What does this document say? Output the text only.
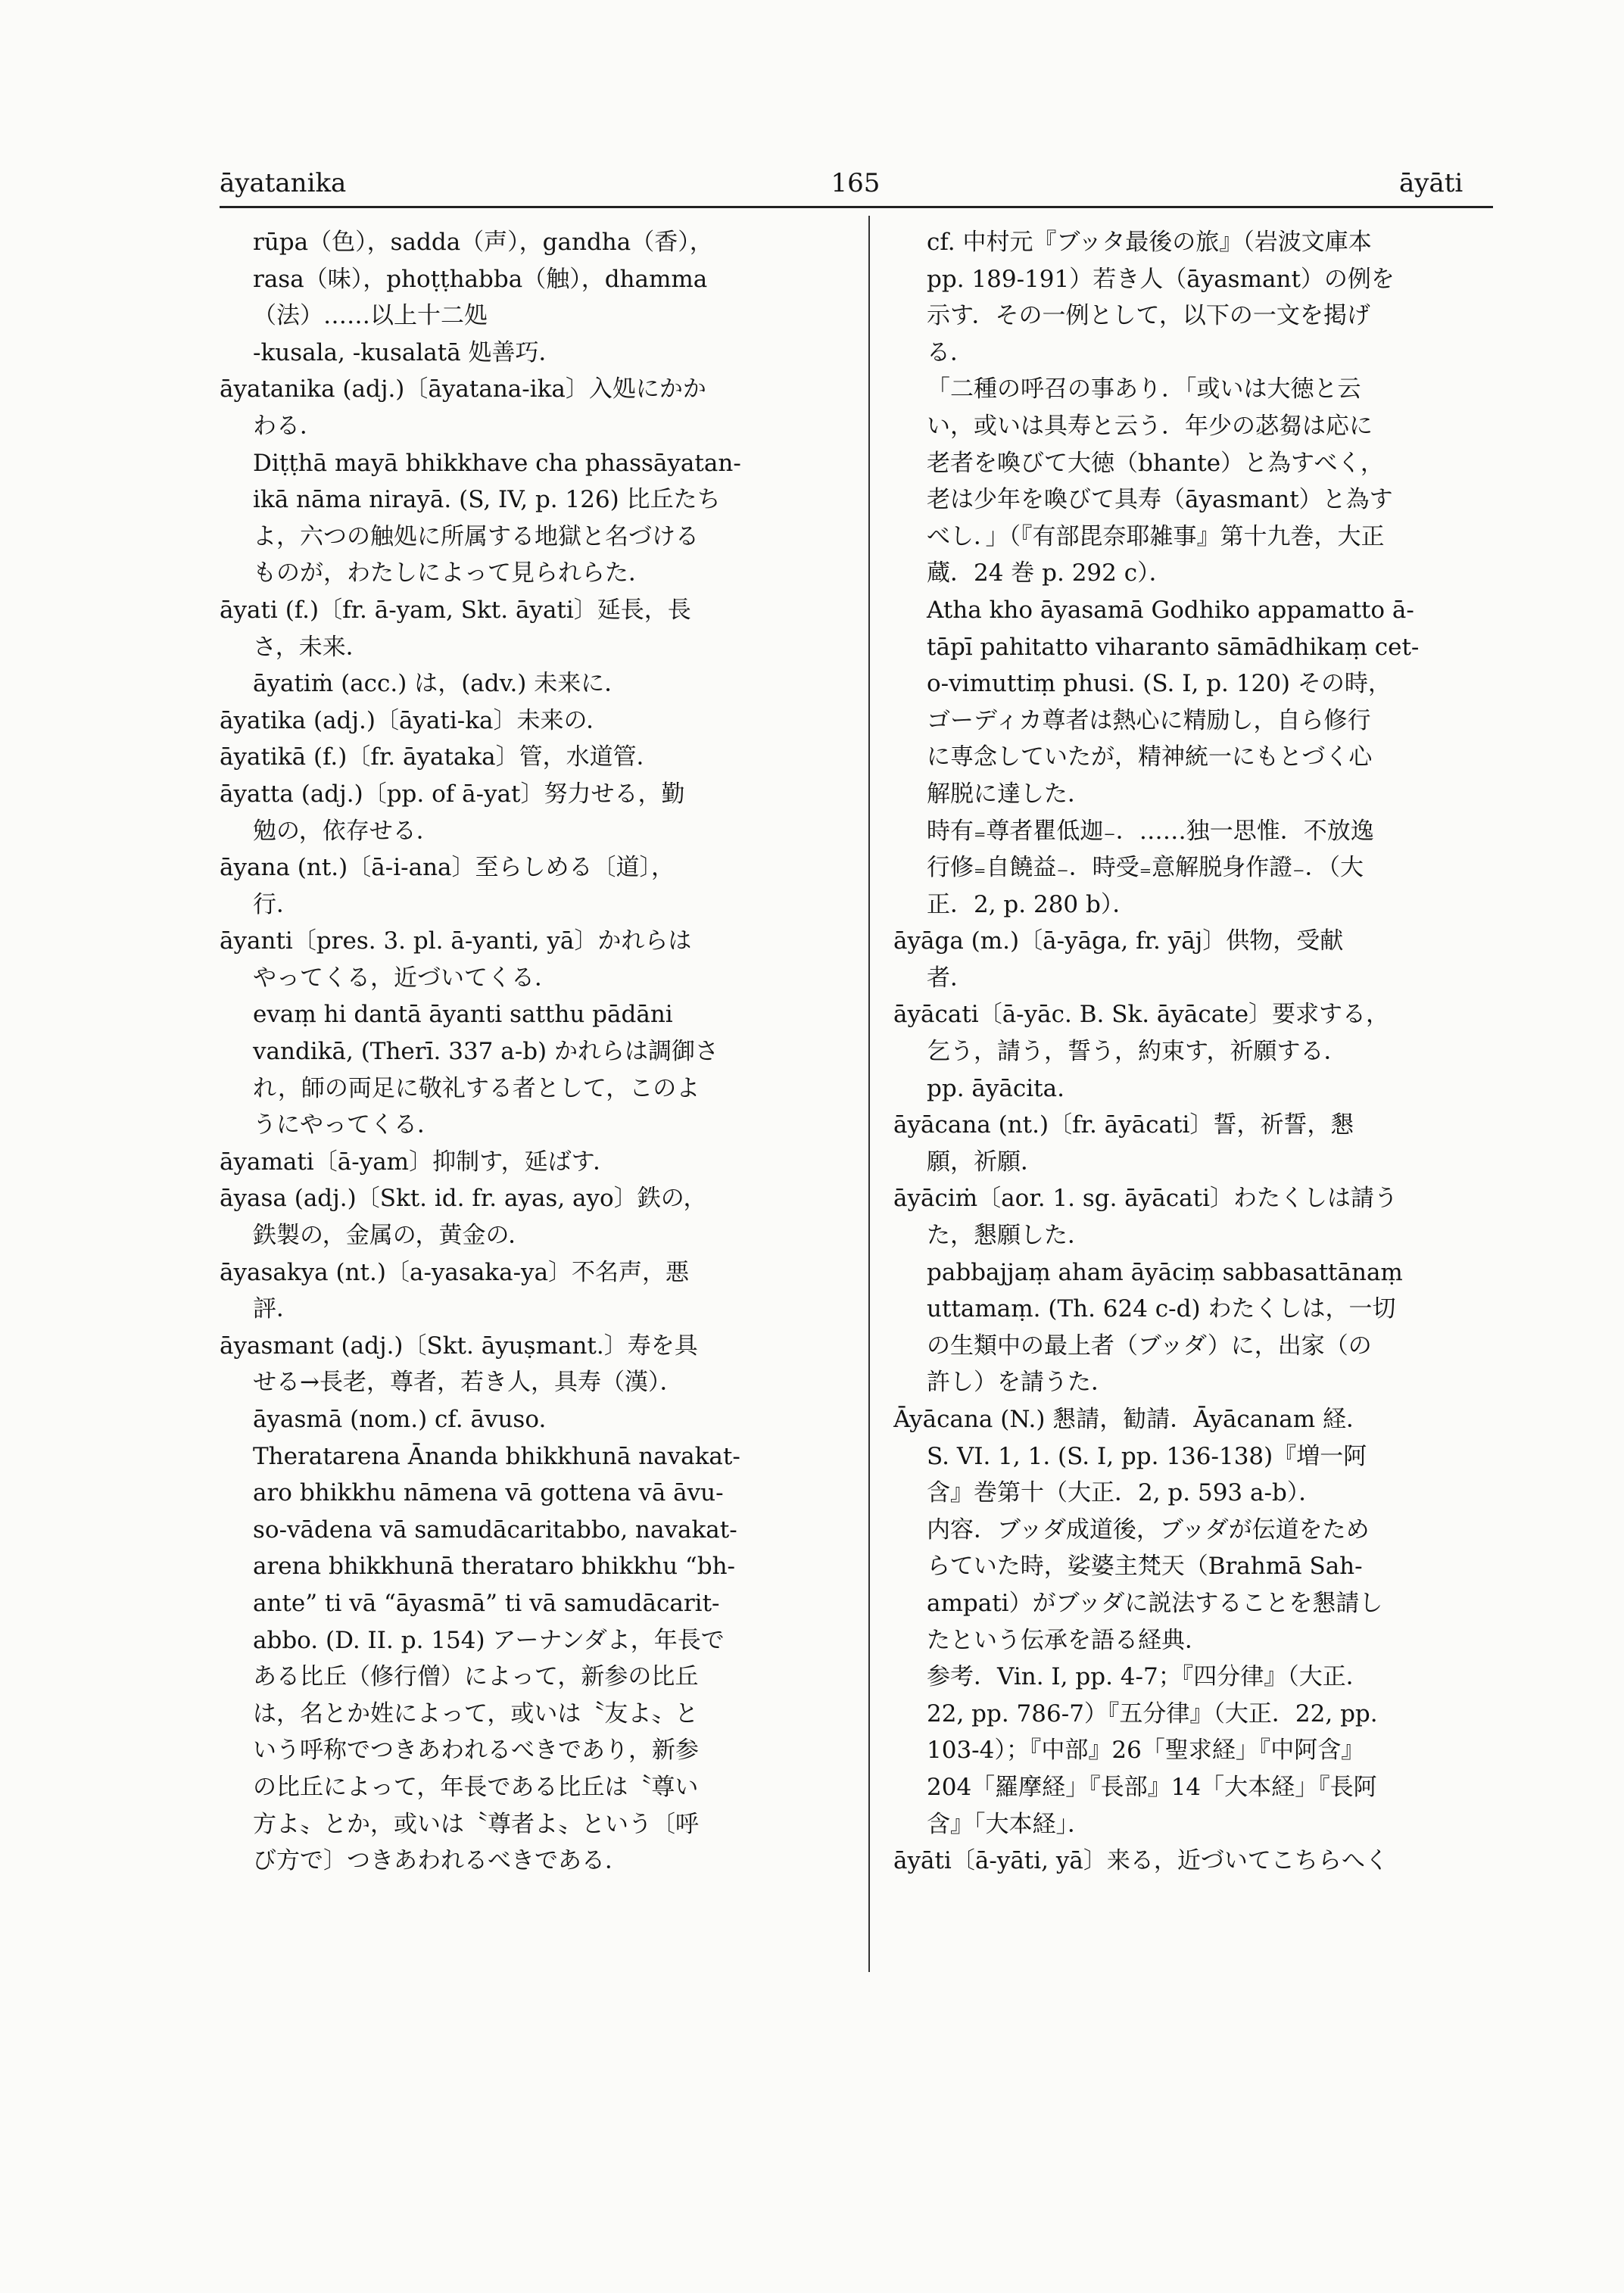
āyatanika	165	āyāti
rūpa（色），sadda（声），gandha（香），
rasa（味），phoṭṭhabba（触），dhamma
（法）……以上十二処
-kusala, -kusalatā 処善巧．
āyatanika (adj.)〔āyatana-ika〕入処にかか
わる．
Diṭṭhā mayā bhikkhave cha phassāyatan-
ikā nāma nirayā. (S, IV, p. 126) 比丘たち
よ，六つの触処に所属する地獄と名づける
ものが，わたしによって見られらた．
āyati (f.)〔fr. ā-yam, Skt. āyati〕延長，長
さ，未来．
āyatiṁ (acc.) は，(adv.) 未来に．
āyatika (adj.)〔āyati-ka〕未来の．
āyatikā (f.)〔fr. āyataka〕管，水道管．
āyatta (adj.)〔pp. of ā-yat〕努力せる，勤
勉の，依存せる．
āyana (nt.)〔ā-i-ana〕至らしめる〔道〕，
行．
āyanti〔pres. 3. pl. ā-yanti, yā〕かれらは
やってくる，近づいてくる．
evaṃ hi dantā āyanti satthu pādāni
vandikā, (Therī. 337 a-b) かれらは調御さ
れ，師の両足に敬礼する者として，このよ
うにやってくる．
āyamati〔ā-yam〕抑制す，延ばす．
āyasa (adj.)〔Skt. id. fr. ayas, ayo〕鉄の，
鉄製の，金属の，黄金の．
āyasakya (nt.)〔a-yasaka-ya〕不名声，悪
評．
āyasmant (adj.)〔Skt. āyuṣmant.〕寿を具
せる→長老，尊者，若き人，具寿（漢）．
āyasmā (nom.) cf. āvuso.
Theratarena Ānanda bhikkhunā navakat-
aro bhikkhu nāmena vā gottena vā āvu-
so-vādena vā samudācaritabbo, navakat-
arena bhikkhunā therataro bhikkhu “bh-
ante” ti vā “āyasmā” ti vā samudācarit-
abbo. (D. II. p. 154) アーナンダよ，年長で
ある比丘（修行僧）によって，新参の比丘
は，名とか姓によって，或いは〝友よ〟と
いう呼称でつきあわれるべきであり，新参
の比丘によって，年長である比丘は〝尊い
方よ〟とか，或いは〝尊者よ〟という〔呼
び方で〕つきあわれるべきである．
cf. 中村元『ブッタ最後の旅』（岩波文庫本
pp. 189-191）若き人（āyasmant）の例を
示す．その一例として，以下の一文を掲げ
る．
「二種の呼召の事あり．「或いは大徳と云
い，或いは具寿と云う．年少の苾芻は応に
老者を喚びて大徳（bhante）と為すべく，
老は少年を喚びて具寿（āyasmant）と為す
べし．」（『有部毘奈耶雑事』第十九巻，大正
蔵．24 巻 p. 292 c）．
Atha kho āyasamā Godhiko appamatto ā-
tāpī pahitatto viharanto sāmādhikaṃ cet-
o-vimuttiṃ phusi. (S. I, p. 120) その時，
ゴーディカ尊者は熱心に精励し，自ら修行
に専念していたが，精神統一にもとづく心
解脱に達した．
時有₌尊者瞿低迦₋．……独一思惟．不放逸
行修₌自饒益₋．時受₌意解脱身作證₋．（大
正．2, p. 280 b）．
āyāga (m.)〔ā-yāga, fr. yāj〕供物，受献
者．
āyācati〔ā-yāc. B. Sk. āyācate〕要求する，
乞う，請う，誓う，約束す，祈願する．
pp. āyācita.
āyācana (nt.)〔fr. āyācati〕誓，祈誓，懇
願，祈願．
āyāciṁ〔aor. 1. sg. āyācati〕わたくしは請う
た，懇願した．
pabbajjaṃ aham āyāciṃ sabbasattānaṃ
uttamaṃ. (Th. 624 c-d) わたくしは，一切
の生類中の最上者（ブッダ）に，出家（の
許し）を請うた．
Āyācana (N.) 懇請，勧請．Āyācanam 経．
S. VI. 1, 1. (S. I, pp. 136-138)『増一阿
含』巻第十（大正．2, p. 593 a-b）．
内容．ブッダ成道後，ブッダが伝道をため
らていた時，娑婆主梵天（Brahmā Sah-
ampati）がブッダに説法することを懇請し
たという伝承を語る経典．
参考．Vin. I, pp. 4-7；『四分律』（大正．
22, pp. 786-7）『五分律』（大正．22, pp.
103-4）；『中部』26「聖求経」『中阿含』
204「羅摩経」『長部』14「大本経」『長阿
含』「大本経」．
āyāti〔ā-yāti, yā〕来る，近づいてこちらへく
